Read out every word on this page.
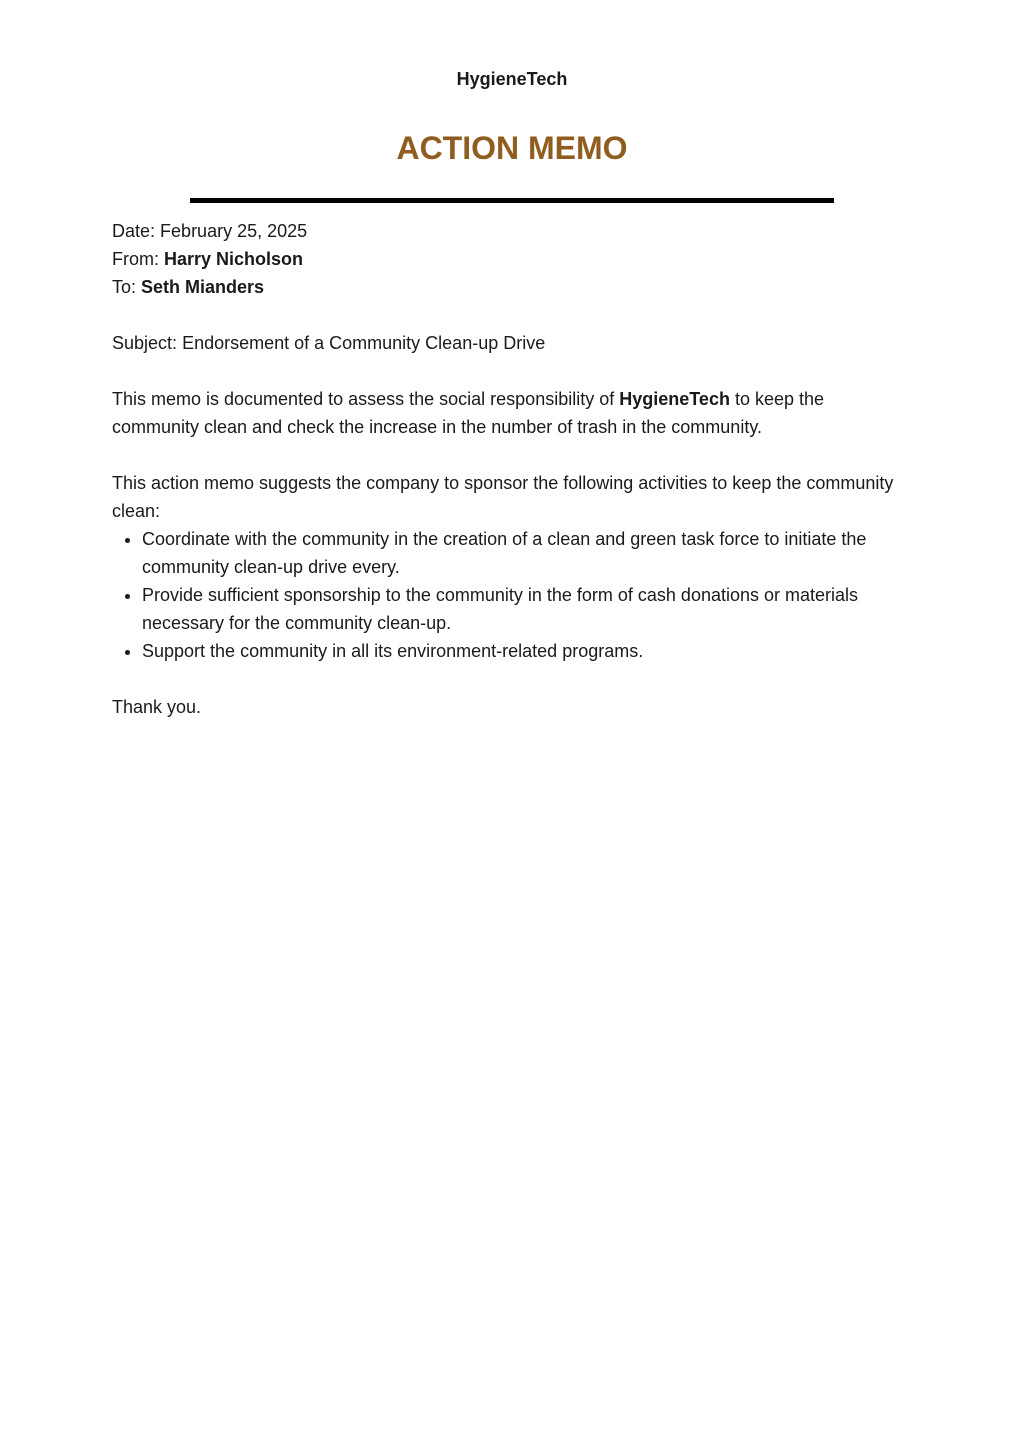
HygieneTech
ACTION MEMO

Date: February 25, 2025

From: Harry Nicholson

To: Seth Mianders

Subject: Endorsement of a Community Clean-up Drive

This memo is documented to assess the social responsibility of HygieneTech to keep the community clean and check the increase in the number of trash in the community.

This action memo suggests the company to sponsor the following activities to keep the community clean:

• Coordinate with the community in the creation of a clean and green task force to initiate the community clean-up drive every.
• Provide sufficient sponsorship to the community in the form of cash donations or materials necessary for the community clean-up.
• Support the community in all its environment-related programs.

Thank you.
